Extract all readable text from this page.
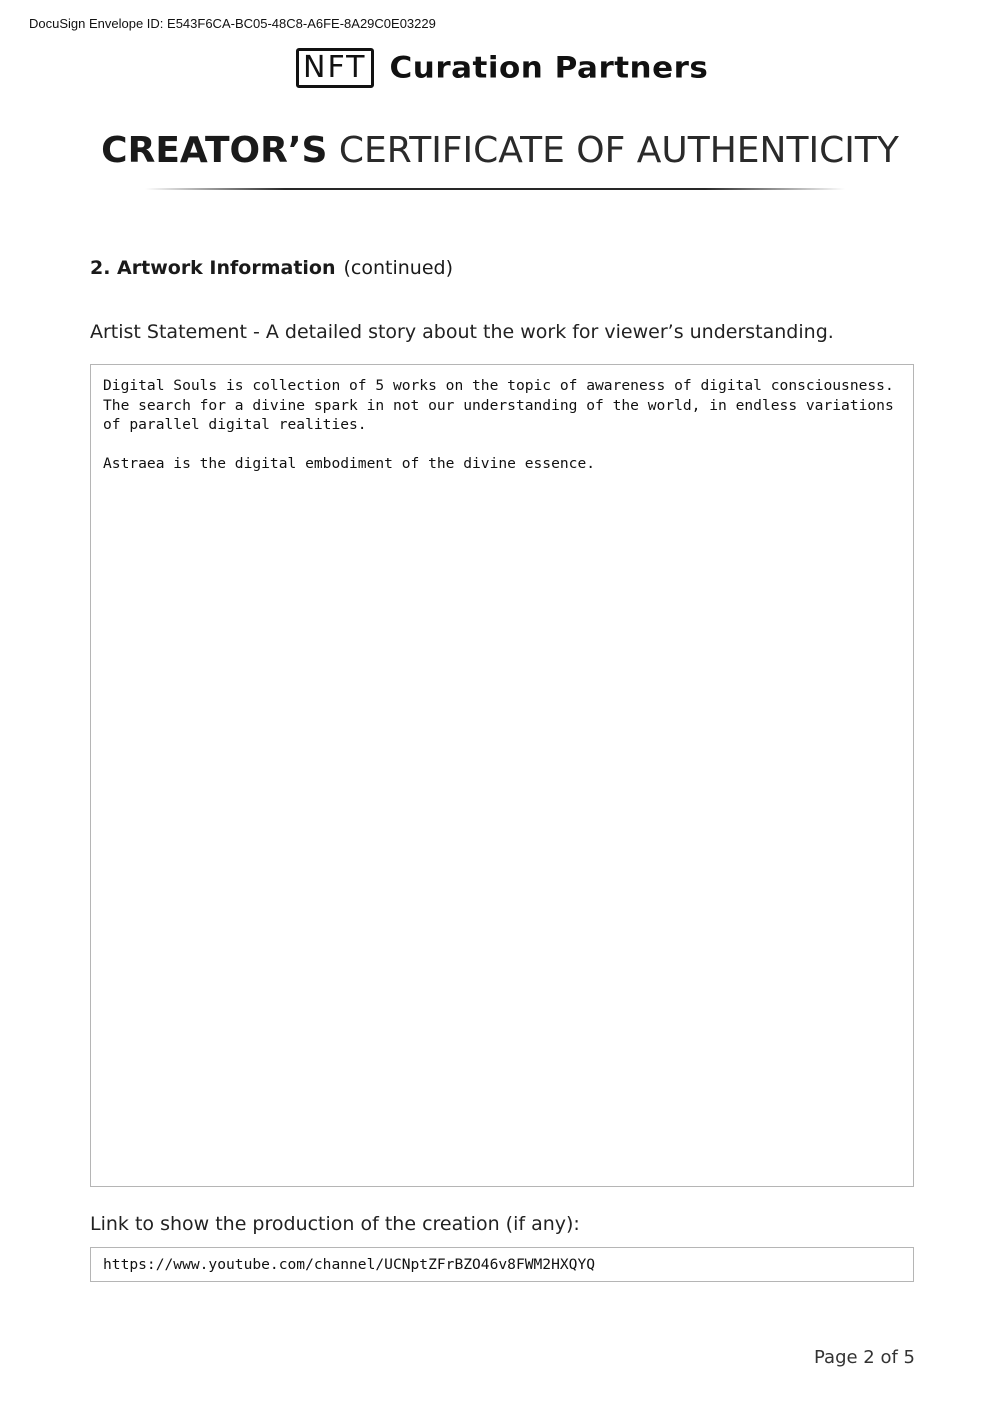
DocuSign Envelope ID: E543F6CA-BC05-48C8-A6FE-8A29C0E03229
NFT Curation Partners
CREATOR’S CERTIFICATE OF AUTHENTICITY
2. Artwork Information (continued)
Artist Statement - A detailed story about the work for viewer’s understanding.

Digital Souls is collection of 5 works on the topic of awareness of digital consciousness.
The search for a divine spark in not our understanding of the world, in endless variations
of parallel digital realities.

Astraea is the digital embodiment of the divine essence.

Link to show the production of the creation (if any):
https://www.youtube.com/channel/UCNptZFrBZO46v8FWM2HXQYQ
Page 2 of 5
